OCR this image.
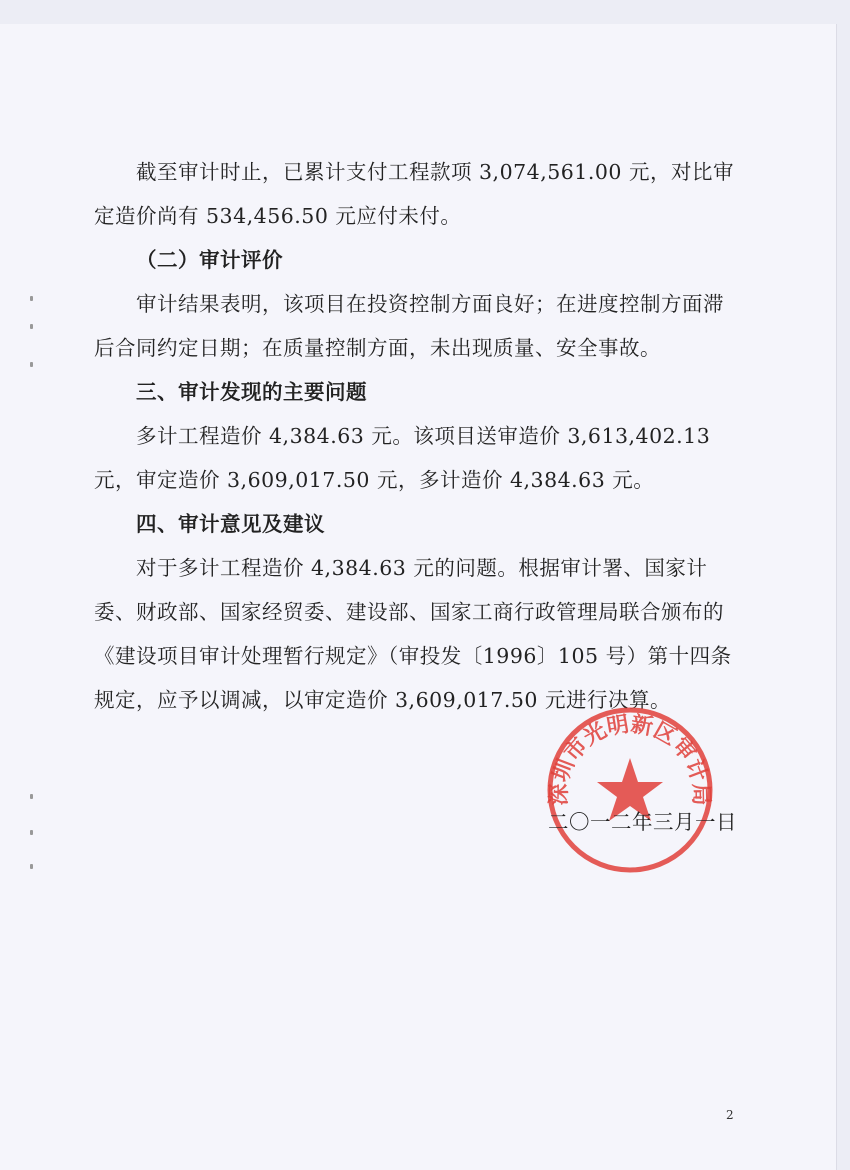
截至审计时止，已累计支付工程款项 3,074,561.00 元，对比审定造价尚有 534,456.50 元应付未付。

（二）审计评价

审计结果表明，该项目在投资控制方面良好；在进度控制方面滞后合同约定日期；在质量控制方面，未出现质量、安全事故。

三、审计发现的主要问题

多计工程造价 4,384.63 元。该项目送审造价 3,613,402.13 元，审定造价 3,609,017.50 元，多计造价 4,384.63 元。

四、审计意见及建议

对于多计工程造价 4,384.63 元的问题。根据审计署、国家计委、财政部、国家经贸委、建设部、国家工商行政管理局联合颁布的《建设项目审计处理暂行规定》（审投发〔1996〕105 号）第十四条规定，应予以调减，以审定造价 3,609,017.50 元进行决算。

深圳市光明新区审计局

二〇一二年三月一日

2
